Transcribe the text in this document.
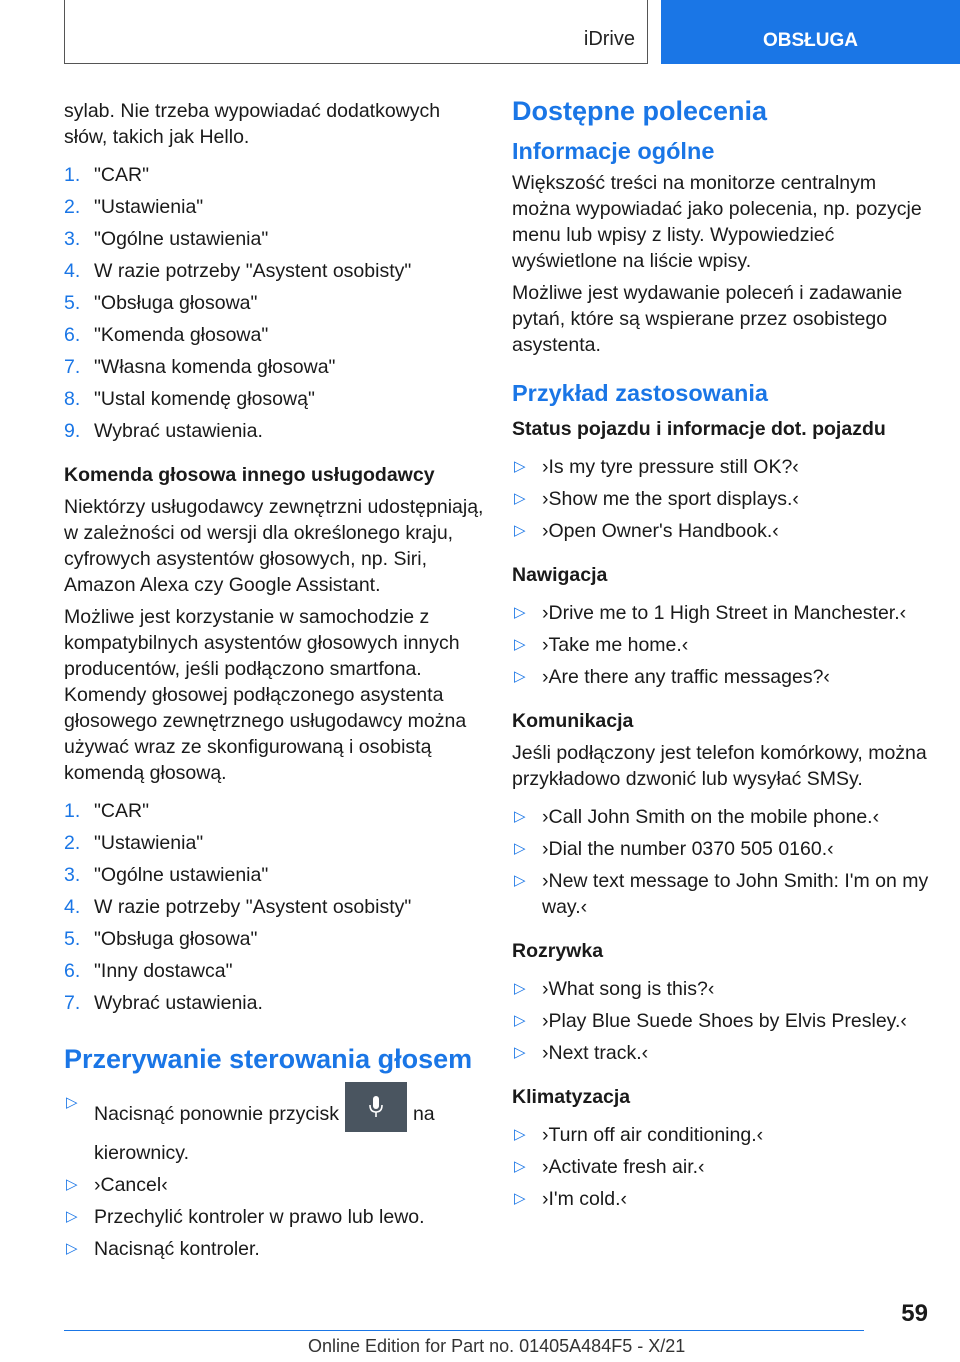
iDrive	OBSŁUGA

sylab. Nie trzeba wypowiadać dodatkowych słów, takich jak Hello.

1. "CAR"
2. "Ustawienia"
3. "Ogólne ustawienia"
4. W razie potrzeby "Asystent osobisty"
5. "Obsługa głosowa"
6. "Komenda głosowa"
7. "Własna komenda głosowa"
8. "Ustal komendę głosową"
9. Wybrać ustawienia.
Komenda głosowa innego usługodawcy

Niektórzy usługodawcy zewnętrzni udostępniają, w zależności od wersji dla określonego kraju, cyfrowych asystentów głosowych, np. Siri, Amazon Alexa czy Google Assistant.

Możliwe jest korzystanie w samochodzie z kompatybilnych asystentów głosowych innych producentów, jeśli podłączono smartfona. Komendy głosowej podłączonego asystenta głosowego zewnętrznego usługodawcy można używać wraz ze skonfigurowaną i osobistą komendą głosową.

1. "CAR"
2. "Ustawienia"
3. "Ogólne ustawienia"
4. W razie potrzeby "Asystent osobisty"
5. "Obsługa głosowa"
6. "Inny dostawca"
7. Wybrać ustawienia.
Przerywanie sterowania głosem
▷
Nacisnąć ponownie przycisk	na kierownicy.
▷ ›Cancel‹
▷ Przechylić kontroler w prawo lub lewo.
▷ Nacisnąć kontroler.
Dostępne polecenia
Informacje ogólne

Większość treści na monitorze centralnym można wypowiadać jako polecenia, np. pozycje menu lub wpisy z listy. Wypowiedzieć wyświetlone na liście wpisy.

Możliwe jest wydawanie poleceń i zadawanie pytań, które są wspierane przez osobistego asystenta.

Przykład zastosowania
Status pojazdu i informacje dot. pojazdu
▷ ›Is my tyre pressure still OK?‹
▷ ›Show me the sport displays.‹
▷ ›Open Owner's Handbook.‹
Nawigacja
▷ ›Drive me to 1 High Street in Manchester.‹
▷ ›Take me home.‹
▷ ›Are there any traffic messages?‹
Komunikacja

Jeśli podłączony jest telefon komórkowy, można przykładowo dzwonić lub wysyłać SMSy.

▷ ›Call John Smith on the mobile phone.‹
▷ ›Dial the number 0370 505 0160.‹
▷ ›New text message to John Smith: I'm on my way.‹
Rozrywka
▷ ›What song is this?‹
▷ ›Play Blue Suede Shoes by Elvis Presley.‹
▷ ›Next track.‹
Klimatyzacja
▷ ›Turn off air conditioning.‹
▷ ›Activate fresh air.‹
▷ ›I'm cold.‹
59
Online Edition for Part no. 01405A484F5 - X/21
